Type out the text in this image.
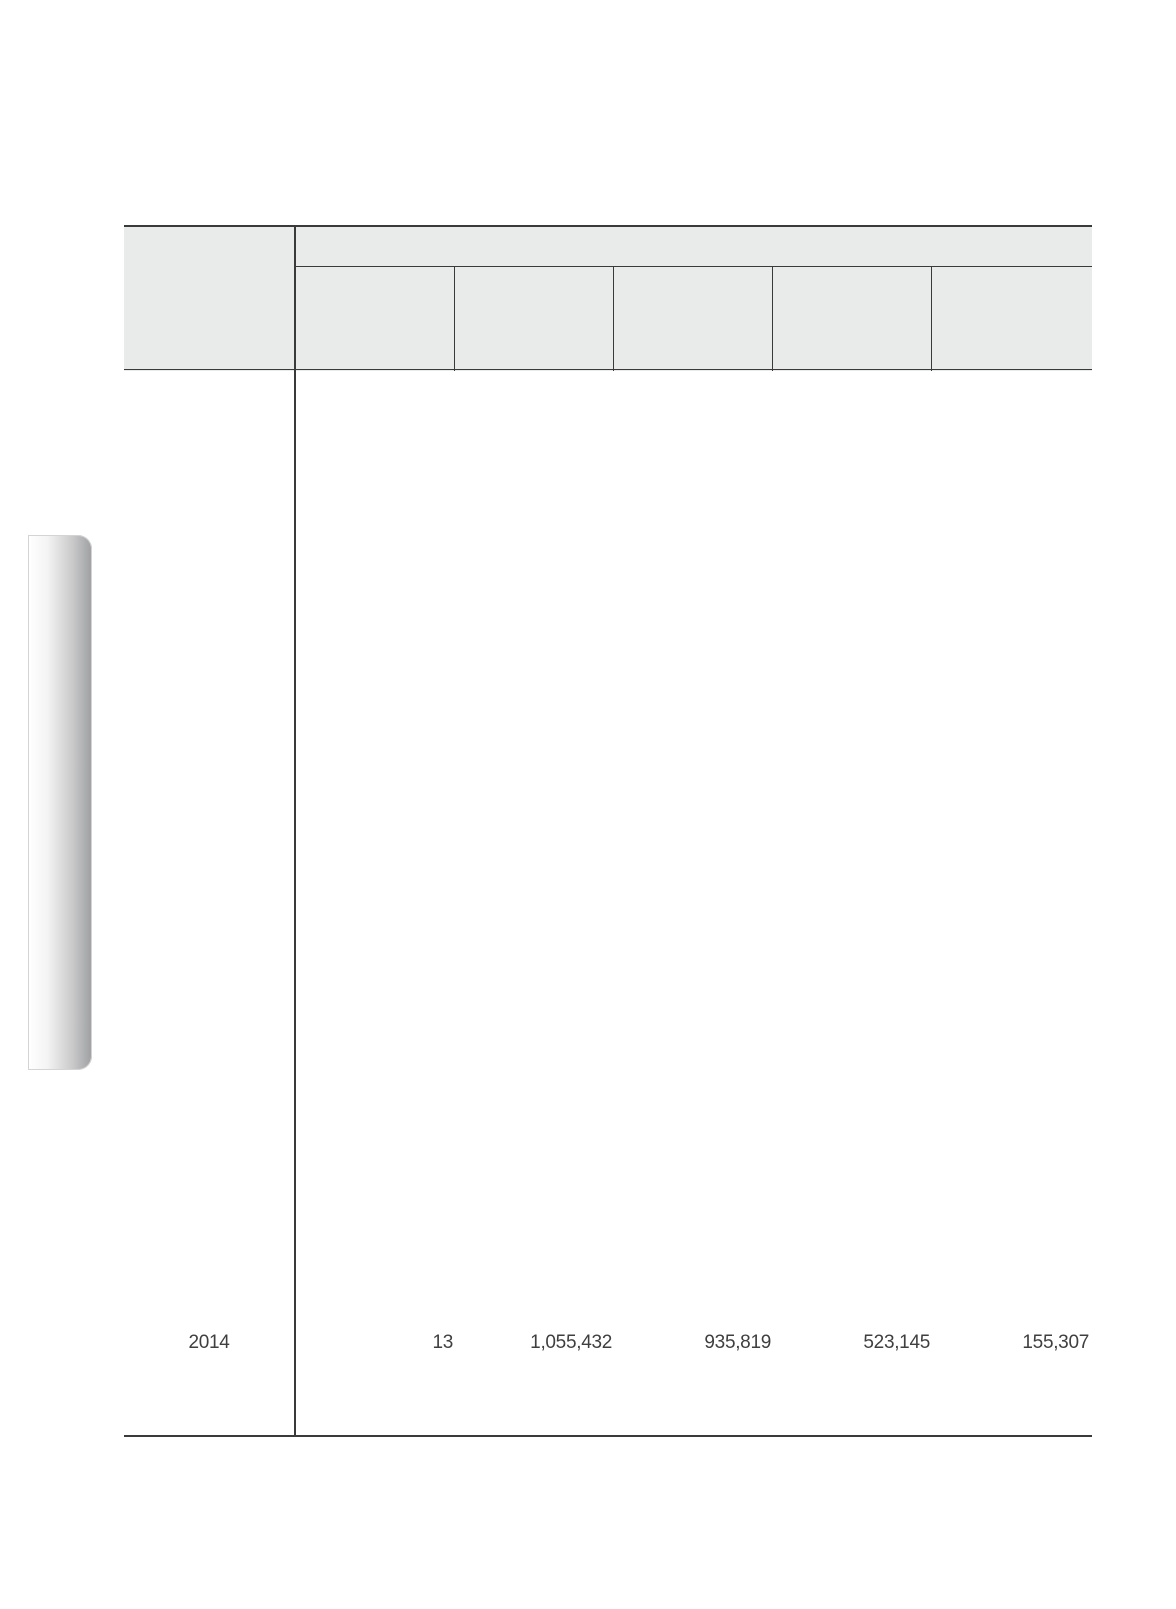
2014	13	1,055,432	935,819	523,145	155,307
